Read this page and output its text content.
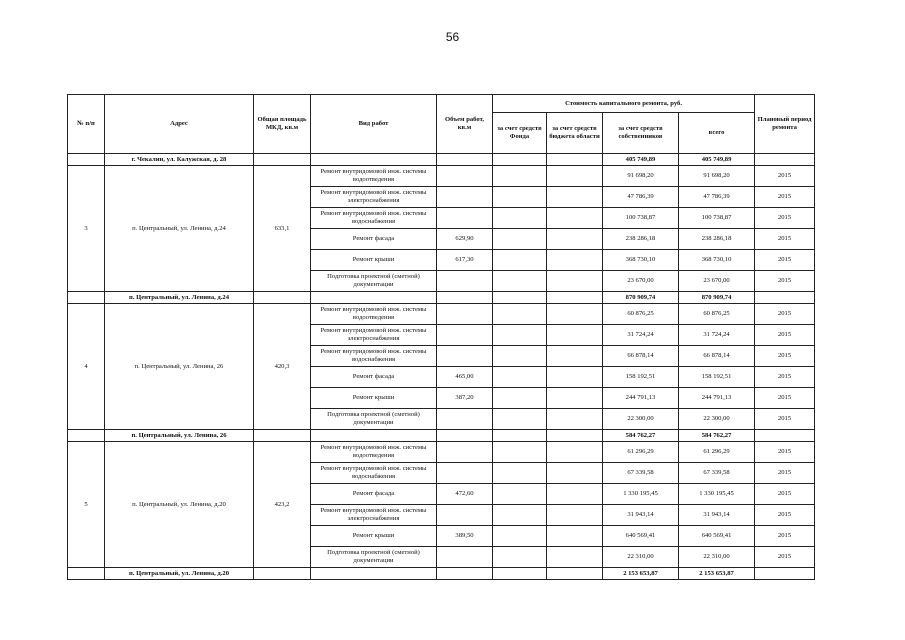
56
№ п/п	Адрес	Общая площадь МКД, кв.м	Вид работ	Объем работ, кв.м	Стоимость капитального ремонта, руб.				Плановый период ремонта
					за счет средств Фонда	за счет средств бюджета области	за счет средств собственников	всего	
	г. Чекалин, ул. Калужская, д. 28						405 749,89	405 749,89	
3	п. Центральный, ул. Ленина, д.24	633,1	Ремонт внутридомовой инж. системы водоотведения				91 698,20	91 698,20	2015
			Ремонт внутридомовой инж. системы электроснабжения				47 786,39	47 786,39	2015
			Ремонт внутридомовой инж. системы водоснабжения				100 738,87	100 738,87	2015
			Ремонт фасада	629,90			238 286,18	238 286,18	2015
			Ремонт крыши	617,30			368 730,10	368 730,10	2015
			Подготовка проектной (сметной) документации				23 670,00	23 670,00	2015
	п. Центральный, ул. Ленина, д.24						870 909,74	870 909,74	
4	п. Центральный, ул. Ленина, 26	420,3	Ремонт внутридомовой инж. системы водоотведения				60 876,25	60 876,25	2015
			Ремонт внутридомовой инж. системы электроснабжения				31 724,24	31 724,24	2015
			Ремонт внутридомовой инж. системы водоснабжения				66 878,14	66 878,14	2015
			Ремонт фасада	465,00			158 192,51	158 192,51	2015
			Ремонт крыши	387,20			244 791,13	244 791,13	2015
			Подготовка проектной (сметной) документации				22 300,00	22 300,00	2015
	п. Центральный, ул. Ленина, 26						584 762,27	584 762,27	
5	п. Центральный, ул. Ленина, д.20	423,2	Ремонт внутридомовой инж. системы водоотведения				61 296,29	61 296,29	2015
			Ремонт внутридомовой инж. системы водоснабжения				67 339,58	67 339,58	2015
			Ремонт фасада	472,60			1 330 195,45	1 330 195,45	2015
			Ремонт внутридомовой инж. системы электроснабжения				31 943,14	31 943,14	2015
			Ремонт крыши	389,50			640 569,41	640 569,41	2015
			Подготовка проектной (сметной) документации				22 310,00	22 310,00	2015
	п. Центральный, ул. Ленина, д.20						2 153 653,87	2 153 653,87	
